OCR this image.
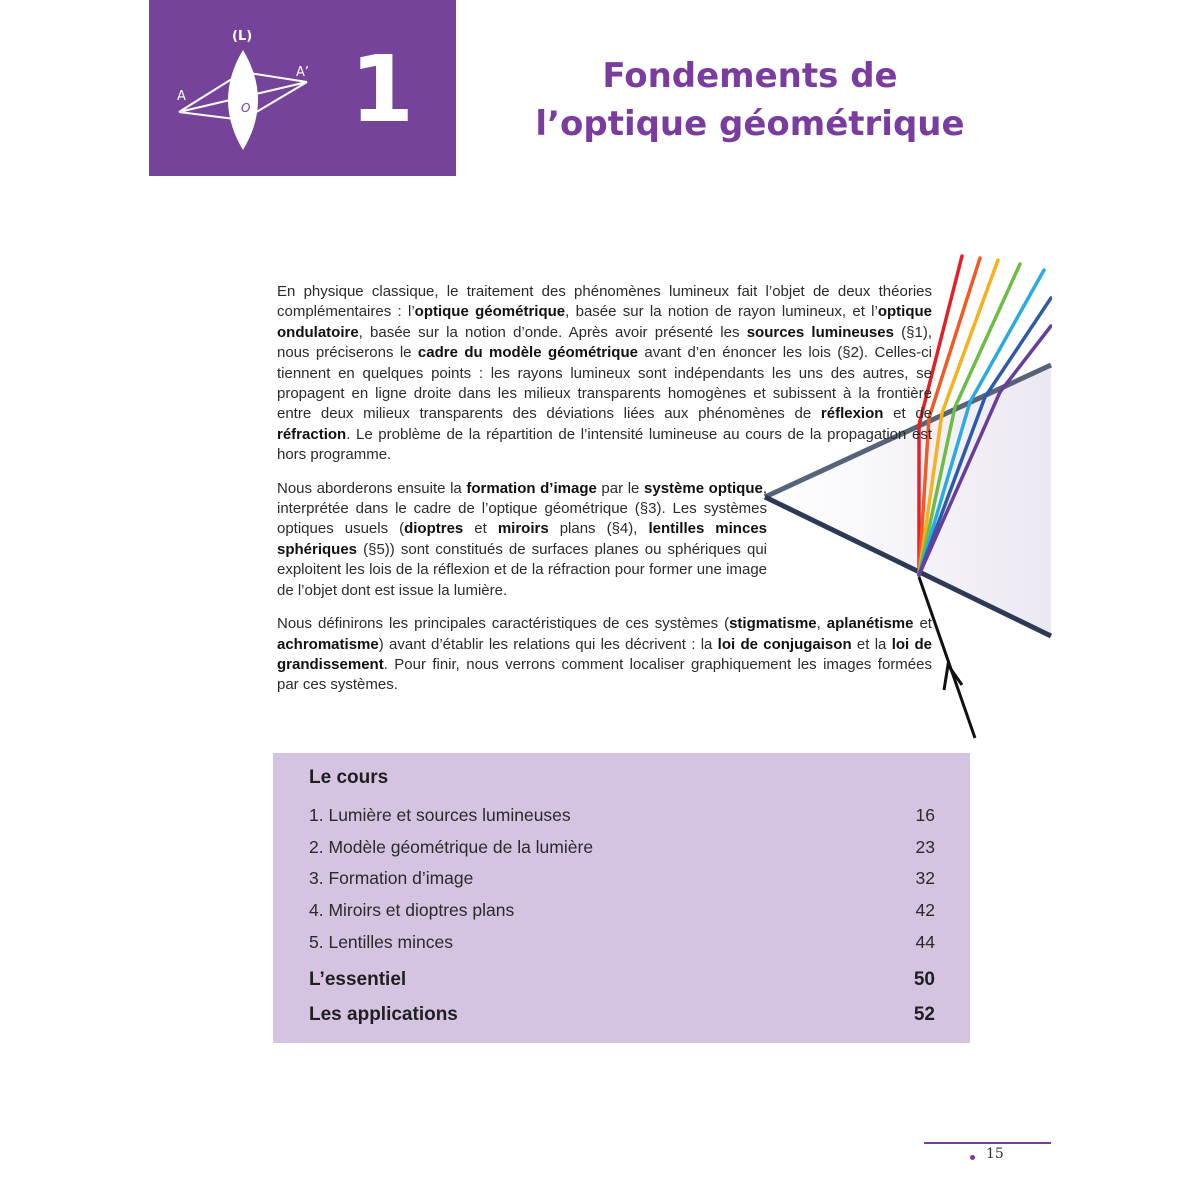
(L)
A
A’
O 1	Fondements de l’optique géométrique

En physique classique, le traitement des phénomènes lumineux fait l’objet de deux théories complémentaires : l’optique géométrique, basée sur la notion de rayon lumineux, et l’optique ondulatoire, basée sur la notion d’onde. Après avoir présenté les sources lumineuses (§1), nous préciserons le cadre du modèle géométrique avant d’en énoncer les lois (§2). Celles-ci tiennent en quelques points : les rayons lumineux sont indépendants les uns des autres, se propagent en ligne droite dans les milieux transparents homogènes et subissent à la frontière entre deux milieux transparents des déviations liées aux phénomènes de réflexion et de réfraction. Le problème de la répartition de l’intensité lumineuse au cours de la propagation est hors programme.

Nous aborderons ensuite la formation d’image par le système optique, interprétée dans le cadre de l’optique géométrique (§3). Les systèmes optiques usuels (dioptres et miroirs plans (§4), lentilles minces sphériques (§5)) sont constitués de surfaces planes ou sphériques qui exploitent les lois de la réflexion et de la réfraction pour former une image de l’objet dont est issue la lumière.

Nous définirons les principales caractéristiques de ces systèmes (stigmatisme, aplanétisme et achromatisme) avant d’établir les relations qui les décrivent : la loi de conjugaison et la loi de grandissement. Pour finir, nous verrons comment localiser graphiquement les images formées par ces systèmes.

Le cours
1. Lumière et sources lumineuses	16
2. Modèle géométrique de la lumière	23
3. Formation d’image	32
4. Miroirs et dioptres plans	42
5. Lentilles minces	44
L’essentiel	50
Les applications	52
15
